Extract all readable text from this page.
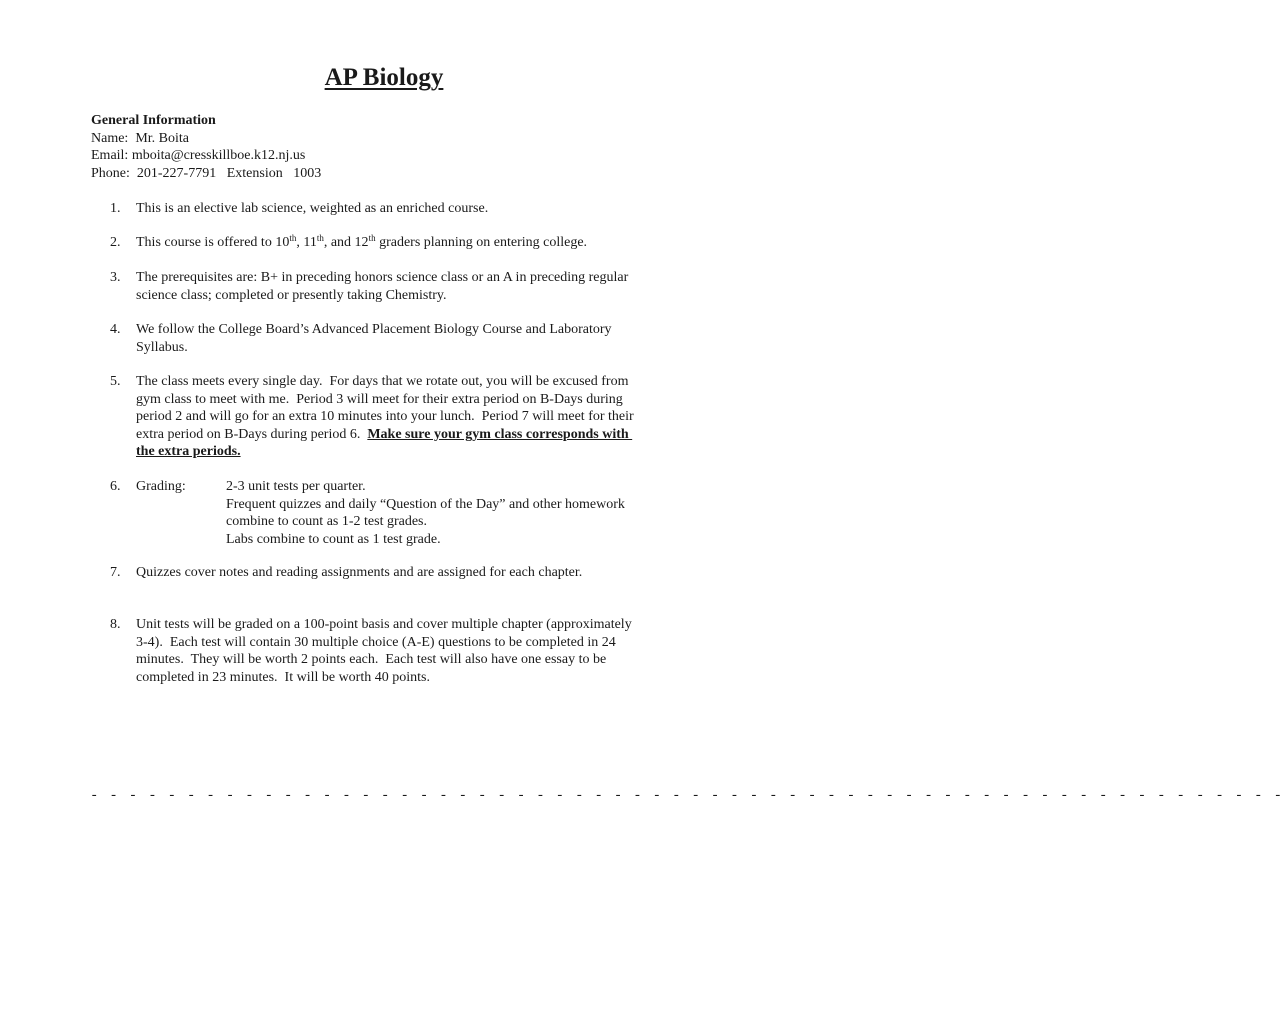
AP Biology
General Information
Name:  Mr. Boita
Email: mboita@cresskillboe.k12.nj.us
Phone:  201-227-7791   Extension   1003
1. This is an elective lab science, weighted as an enriched course.
2. This course is offered to 10th, 11th, and 12th graders planning on entering college.
3. The prerequisites are: B+ in preceding honors science class or an A in preceding regular
science class; completed or presently taking Chemistry.
4. We follow the College Board’s Advanced Placement Biology Course and Laboratory
Syllabus.
5. The class meets every single day.  For days that we rotate out, you will be excused from
gym class to meet with me.  Period 3 will meet for their extra period on B-Days during
period 2 and will go for an extra 10 minutes into your lunch.  Period 7 will meet for their
extra period on B-Days during period 6.  Make sure your gym class corresponds with
the extra periods.
6. Grading:	2-3 unit tests per quarter.
Frequent quizzes and daily “Question of the Day” and other homework
combine to count as 1-2 test grades.
Labs combine to count as 1 test grade.
7. Quizzes cover notes and reading assignments and are assigned for each chapter.
8. Unit tests will be graded on a 100-point basis and cover multiple chapter (approximately
3-4).  Each test will contain 30 multiple choice (A-E) questions to be completed in 24
minutes.  They will be worth 2 points each.  Each test will also have one essay to be
completed in 23 minutes.  It will be worth 40 points.
- - - - - - - - - - - - - - - - - - - - - - - - - - - - - - - - - - - - - - - - - - - - - - - - - - - - - - - - - - - - - -
